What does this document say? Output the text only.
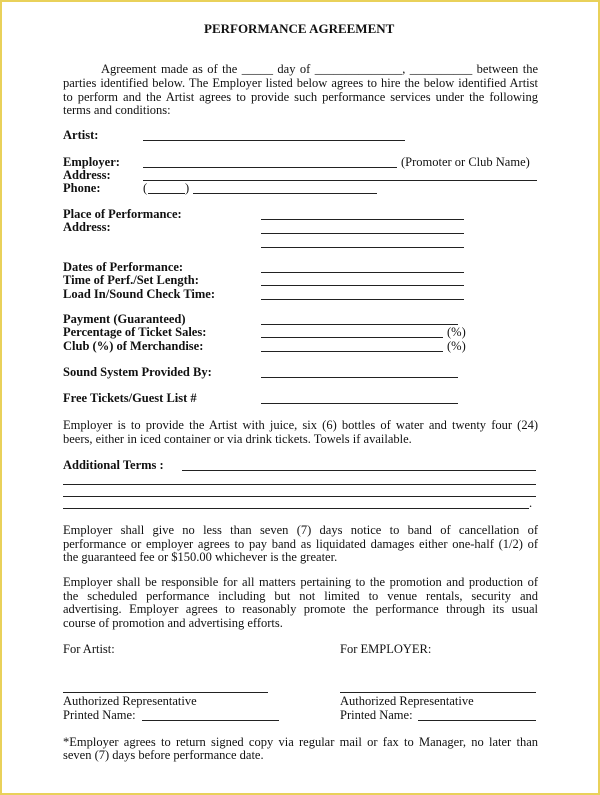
PERFORMANCE AGREEMENT
Agreement made as of the _____ day of ______________, __________ between the
parties identified below. The Employer listed below agrees to hire the below identified Artist
to perform and the Artist agrees to provide such performance services under the following
terms and conditions:
Artist:
Employer:	(Promoter or Club Name)
Address:
Phone:	(	)
Place of Performance:
Address:
Dates of Performance:
Time of Perf./Set Length:
Load In/Sound Check Time:
Payment (Guaranteed)
Percentage of Ticket Sales:	(%)
Club (%) of Merchandise:	(%)
Sound System Provided By:
Free Tickets/Guest List #
Employer is to provide the Artist with juice, six (6) bottles of water and twenty four (24)
beers, either in iced container or via drink tickets. Towels if available.
Additional Terms :
.
Employer shall give no less than seven (7) days notice to band of cancellation of
performance or employer agrees to pay band as liquidated damages either one-half (1/2) of
the guaranteed fee or $150.00 whichever is the greater.
Employer shall be responsible for all matters pertaining to the promotion and production of
the scheduled performance including but not limited to venue rentals, security and
advertising. Employer agrees to reasonably promote the performance through its usual
course of promotion and advertising efforts.
For Artist:	For EMPLOYER:
Authorized Representative	Authorized Representative
Printed Name:	Printed Name:
*Employer agrees to return signed copy via regular mail or fax to Manager, no later than
seven (7) days before performance date.
